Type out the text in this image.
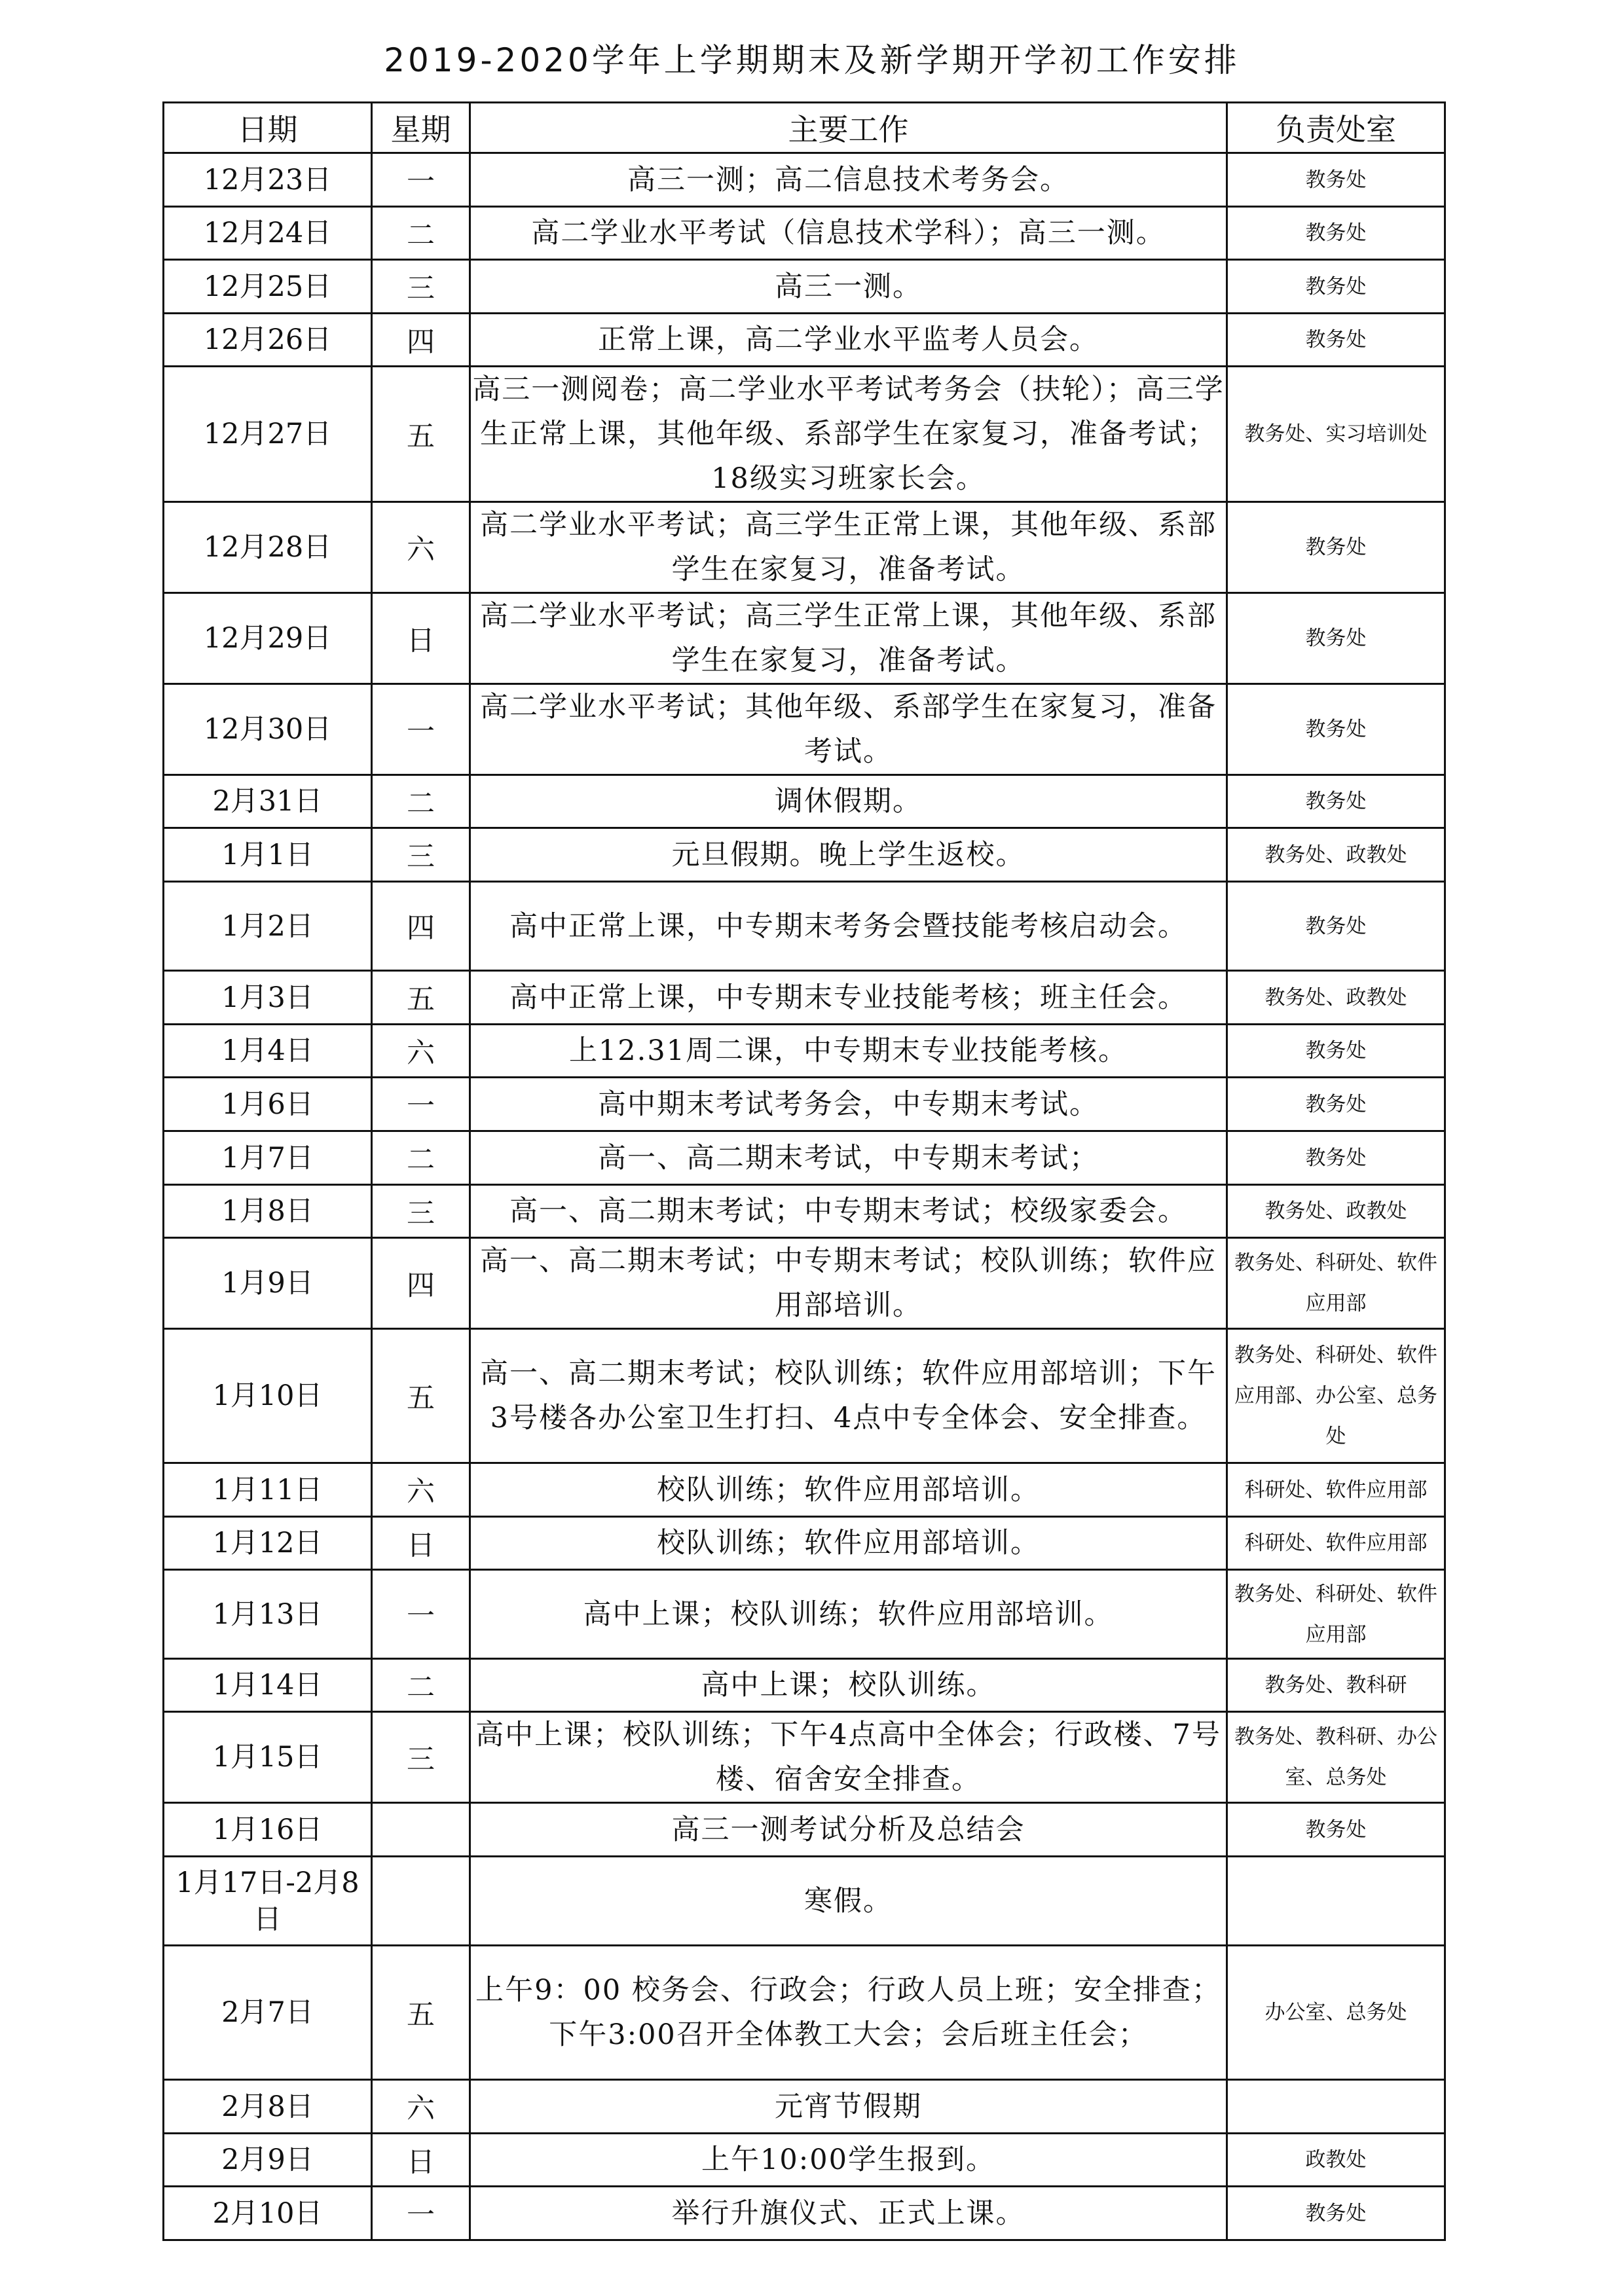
2019-2020学年上学期期末及新学期开学初工作安排
日期	星期	主要工作	负责处室
12月23日	一	高三一测；高二信息技术考务会。	教务处
12月24日	二	高二学业水平考试（信息技术学科）；高三一测。	教务处
12月25日	三	高三一测。	教务处
12月26日	四	正常上课，高二学业水平监考人员会。	教务处
12月27日	五	高三一测阅卷；高二学业水平考试考务会（扶轮）；高三学生正常上课，其他年级、系部学生在家复习，准备考试；18级实习班家长会。	教务处、实习培训处
12月28日	六	高二学业水平考试；高三学生正常上课，其他年级、系部学生在家复习，准备考试。	教务处
12月29日	日	高二学业水平考试；高三学生正常上课，其他年级、系部学生在家复习，准备考试。	教务处
12月30日	一	高二学业水平考试；其他年级、系部学生在家复习，准备考试。	教务处
2月31日	二	调休假期。	教务处
1月1日	三	元旦假期。晚上学生返校。	教务处、政教处
1月2日	四	高中正常上课，中专期末考务会暨技能考核启动会。	教务处
1月3日	五	高中正常上课，中专期末专业技能考核；班主任会。	教务处、政教处
1月4日	六	上12.31周二课，中专期末专业技能考核。	教务处
1月6日	一	高中期末考试考务会，中专期末考试。	教务处
1月7日	二	高一、高二期末考试，中专期末考试；	教务处
1月8日	三	高一、高二期末考试；中专期末考试；校级家委会。	教务处、政教处
1月9日	四	高一、高二期末考试；中专期末考试；校队训练；软件应用部培训。	教务处、科研处、软件应用部
1月10日	五	高一、高二期末考试；校队训练；软件应用部培训；下午3号楼各办公室卫生打扫、4点中专全体会、安全排查。	教务处、科研处、软件应用部、办公室、总务处
1月11日	六	校队训练；软件应用部培训。	科研处、软件应用部
1月12日	日	校队训练；软件应用部培训。	科研处、软件应用部
1月13日	一	高中上课；校队训练；软件应用部培训。	教务处、科研处、软件应用部
1月14日	二	高中上课；校队训练。	教务处、教科研
1月15日	三	高中上课；校队训练；下午4点高中全体会；行政楼、7号楼、宿舍安全排查。	教务处、教科研、办公室、总务处
1月16日		高三一测考试分析及总结会	教务处
1月17日-2月8日		寒假。	
2月7日	五	上午9：00 校务会、行政会；行政人员上班；安全排查；下午3:00召开全体教工大会；会后班主任会；	办公室、总务处
2月8日	六	元宵节假期	
2月9日	日	上午10:00学生报到。	政教处
2月10日	一	举行升旗仪式、正式上课。	教务处
